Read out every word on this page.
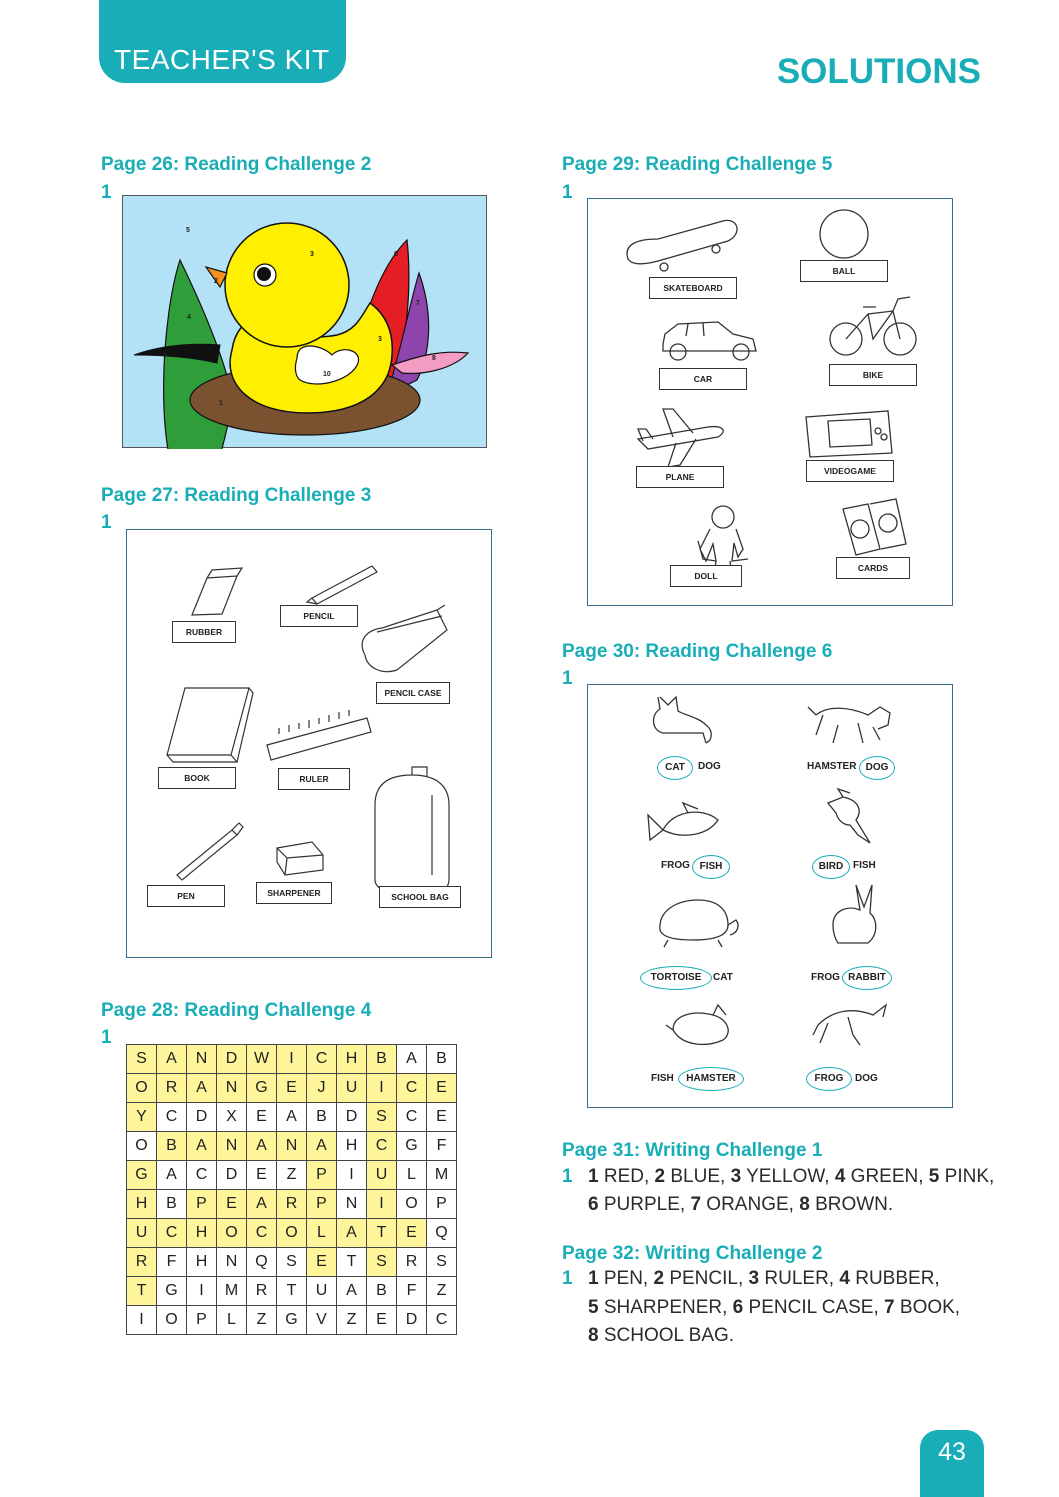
TEACHER'S KIT	SOLUTIONS
Page 26: Reading Challenge 2
1
5
3	6
2
4
7
3
9	8
10
1
Page 27: Reading Challenge 3
1
RUBBER
PENCIL
PENCIL CASE
BOOK	RULER
PEN	SHARPENER	SCHOOL BAG
Page 28: Reading Challenge 4
1
S	A	N	D	W	I	C	H	B	A	B
O	R	A	N	G	E	J	U	I	C	E
Y	C	D	X	E	A	B	D	S	C	E
O	B	A	N	A	N	A	H	C	G	F
G	A	C	D	E	Z	P	I	U	L	M
H	B	P	E	A	R	P	N	I	O	P
U	C	H	O	C	O	L	A	T	E	Q
R	F	H	N	Q	S	E	T	S	R	S
T	G	I	M	R	T	U	A	B	F	Z
I	O	P	L	Z	G	V	Z	E	D	C
Page 29: Reading Challenge 5
1
SKATEBOARD
BALL
CAR	BIKE
PLANE
VIDEOGAME
DOLL
CARDS
Page 30: Reading Challenge 6
1
CAT	DOG	HAMSTER DOG
FROG FISH	BIRD FISH
TORTOISE	CAT	FROG RABBIT
FISH	HAMSTER	FROG	DOG
Page 31: Writing Challenge 1
1 1 RED, 2 BLUE, 3 YELLOW, 4 GREEN, 5 PINK,
6 PURPLE, 7 ORANGE, 8 BROWN.
Page 32: Writing Challenge 2
1 1 PEN, 2 PENCIL, 3 RULER, 4 RUBBER,
5 SHARPENER, 6 PENCIL CASE, 7 BOOK,
8 SCHOOL BAG.
43
